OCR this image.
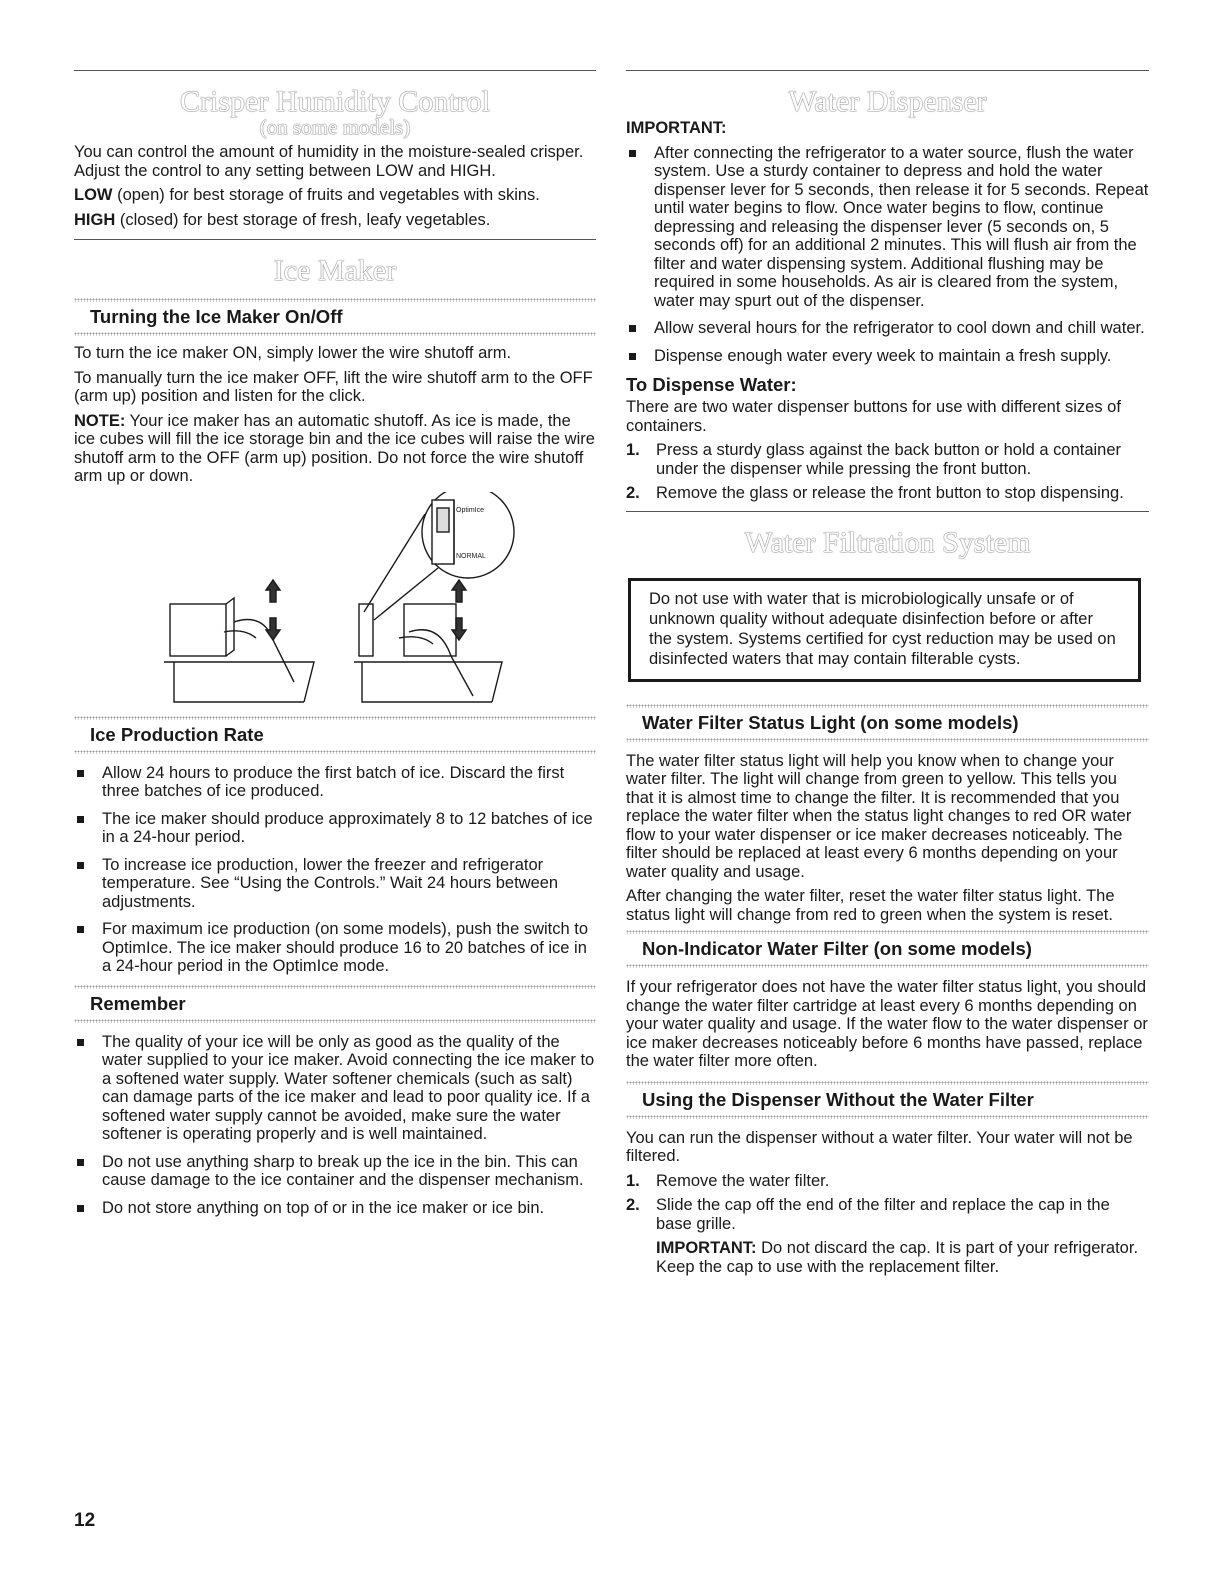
Crisper Humidity Control
(on some models)

You can control the amount of humidity in the moisture-sealed crisper. Adjust the control to any setting between LOW and HIGH.

LOW (open) for best storage of fruits and vegetables with skins.

HIGH (closed) for best storage of fresh, leafy vegetables.

Ice Maker
Turning the Ice Maker On/Off

To turn the ice maker ON, simply lower the wire shutoff arm.

To manually turn the ice maker OFF, lift the wire shutoff arm to the OFF (arm up) position and listen for the click.

NOTE: Your ice maker has an automatic shutoff. As ice is made, the ice cubes will fill the ice storage bin and the ice cubes will raise the wire shutoff arm to the OFF (arm up) position. Do not force the wire shutoff arm up or down.

OptimIce
NORMAL
Ice Production Rate
Allow 24 hours to produce the first batch of ice. Discard the first three batches of ice produced.
The ice maker should produce approximately 8 to 12 batches of ice in a 24-hour period.
To increase ice production, lower the freezer and refrigerator temperature. See “Using the Controls.” Wait 24 hours between adjustments.
For maximum ice production (on some models), push the switch to OptimIce. The ice maker should produce 16 to 20 batches of ice in a 24-hour period in the OptimIce mode.
Remember
The quality of your ice will be only as good as the quality of the water supplied to your ice maker. Avoid connecting the ice maker to a softened water supply. Water softener chemicals (such as salt) can damage parts of the ice maker and lead to poor quality ice. If a softened water supply cannot be avoided, make sure the water softener is operating properly and is well maintained.
Do not use anything sharp to break up the ice in the bin. This can cause damage to the ice container and the dispenser mechanism.
Do not store anything on top of or in the ice maker or ice bin.
Water Dispenser

IMPORTANT:

After connecting the refrigerator to a water source, flush the water system. Use a sturdy container to depress and hold the water dispenser lever for 5 seconds, then release it for 5 seconds. Repeat until water begins to flow. Once water begins to flow, continue depressing and releasing the dispenser lever (5 seconds on, 5 seconds off) for an additional 2 minutes. This will flush air from the filter and water dispensing system. Additional flushing may be required in some households. As air is cleared from the system, water may spurt out of the dispenser.
Allow several hours for the refrigerator to cool down and chill water.
Dispense enough water every week to maintain a fresh supply.
To Dispense Water:

There are two water dispenser buttons for use with different sizes of containers.

1. Press a sturdy glass against the back button or hold a container under the dispenser while pressing the front button.
2. Remove the glass or release the front button to stop dispensing.
Water Filtration System

Do not use with water that is microbiologically unsafe or of unknown quality without adequate disinfection before or after the system. Systems certified for cyst reduction may be used on disinfected waters that may contain filterable cysts.

Water Filter Status Light (on some models)

The water filter status light will help you know when to change your water filter. The light will change from green to yellow. This tells you that it is almost time to change the filter. It is recommended that you replace the water filter when the status light changes to red OR water flow to your water dispenser or ice maker decreases noticeably. The filter should be replaced at least every 6 months depending on your water quality and usage.

After changing the water filter, reset the water filter status light. The status light will change from red to green when the system is reset.

Non-Indicator Water Filter (on some models)

If your refrigerator does not have the water filter status light, you should change the water filter cartridge at least every 6 months depending on your water quality and usage. If the water flow to the water dispenser or ice maker decreases noticeably before 6 months have passed, replace the water filter more often.

Using the Dispenser Without the Water Filter

You can run the dispenser without a water filter. Your water will not be filtered.

1. Remove the water filter.
2. Slide the cap off the end of the filter and replace the cap in the base grille.

IMPORTANT: Do not discard the cap. It is part of your refrigerator. Keep the cap to use with the replacement filter.

12
